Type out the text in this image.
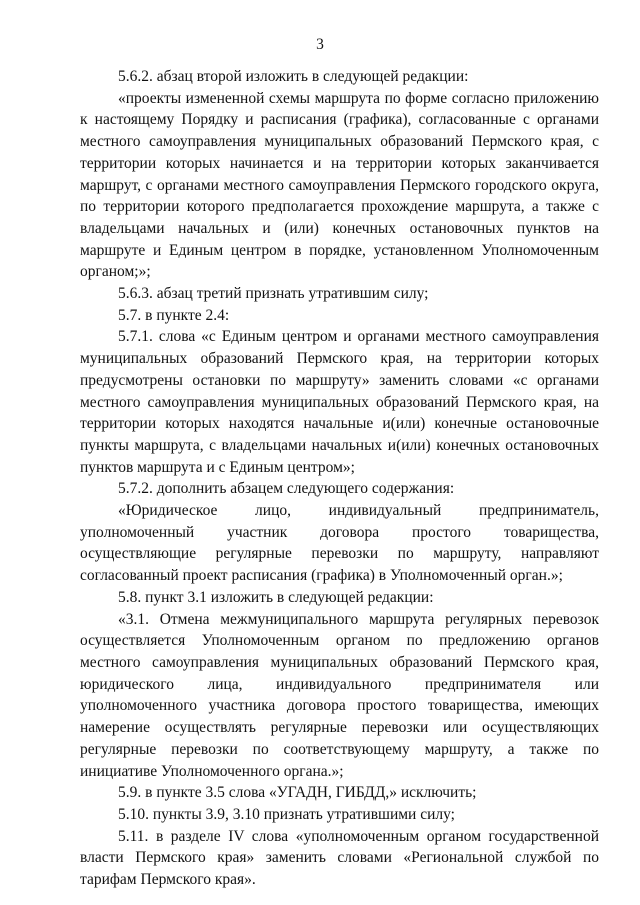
3

5.6.2. абзац второй изложить в следующей редакции:

«проекты измененной схемы маршрута по форме согласно приложению к настоящему Порядку и расписания (графика), согласованные с органами местного самоуправления муниципальных образований Пермского края, с территории которых начинается и на территории которых заканчивается маршрут, с органами местного самоуправления Пермского городского округа, по территории которого предполагается прохождение маршрута, а также с владельцами начальных и (или) конечных остановочных пунктов на маршруте и Единым центром в порядке, установленном Уполномоченным органом;»;

5.6.3. абзац третий признать утратившим силу;

5.7. в пункте 2.4:

5.7.1. слова «с Единым центром и органами местного самоуправления муниципальных образований Пермского края, на территории которых предусмотрены остановки по маршруту» заменить словами «с органами местного самоуправления муниципальных образований Пермского края, на территории которых находятся начальные и(или) конечные остановочные пункты маршрута, с владельцами начальных и(или) конечных остановочных пунктов маршрута и с Единым центром»;

5.7.2. дополнить абзацем следующего содержания:

«Юридическое лицо, индивидуальный предприниматель, уполномоченный участник договора простого товарищества, осуществляющие регулярные перевозки по маршруту, направляют согласованный проект расписания (графика) в Уполномоченный орган.»;

5.8. пункт 3.1 изложить в следующей редакции:

«3.1. Отмена межмуниципального маршрута регулярных перевозок осуществляется Уполномоченным органом по предложению органов местного самоуправления муниципальных образований Пермского края, юридического лица, индивидуального предпринимателя или уполномоченного участника договора простого товарищества, имеющих намерение осуществлять регулярные перевозки или осуществляющих регулярные перевозки по соответствующему маршруту, а также по инициативе Уполномоченного органа.»;

5.9. в пункте 3.5 слова «УГАДН, ГИБДД,» исключить;

5.10. пункты 3.9, 3.10 признать утратившими силу;

5.11. в разделе IV слова «уполномоченным органом государственной власти Пермского края» заменить словами «Региональной службой по тарифам Пермского края».
